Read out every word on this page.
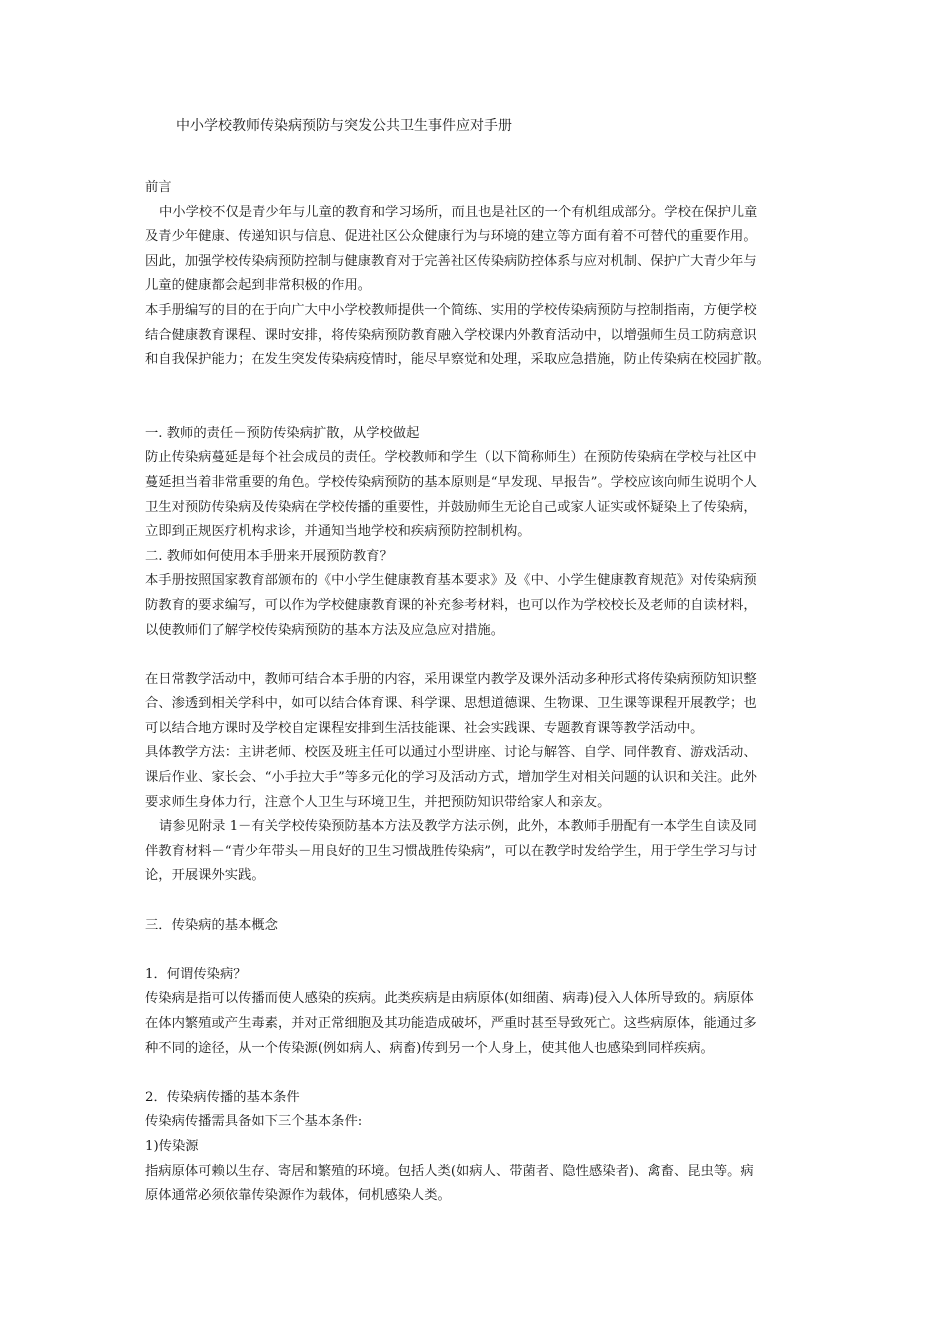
中小学校教师传染病预防与突发公共卫生事件应对手册
前言
中小学校不仅是青少年与儿童的教育和学习场所，而且也是社区的一个有机组成部分。学校在保护儿童
及青少年健康、传递知识与信息、促进社区公众健康行为与环境的建立等方面有着不可替代的重要作用。
因此，加强学校传染病预防控制与健康教育对于完善社区传染病防控体系与应对机制、保护广大青少年与
儿童的健康都会起到非常积极的作用。
本手册编写的目的在于向广大中小学校教师提供一个简练、实用的学校传染病预防与控制指南，方便学校
结合健康教育课程、课时安排，将传染病预防教育融入学校课内外教育活动中，以增强师生员工防病意识
和自我保护能力；在发生突发传染病疫情时，能尽早察觉和处理，采取应急措施，防止传染病在校园扩散。
一. 教师的责任－预防传染病扩散，从学校做起
防止传染病蔓延是每个社会成员的责任。学校教师和学生（以下简称师生）在预防传染病在学校与社区中
蔓延担当着非常重要的角色。学校传染病预防的基本原则是“早发现、早报告”。学校应该向师生说明个人
卫生对预防传染病及传染病在学校传播的重要性，并鼓励师生无论自己或家人证实或怀疑染上了传染病，
立即到正规医疗机构求诊，并通知当地学校和疾病预防控制机构。
二. 教师如何使用本手册来开展预防教育？
本手册按照国家教育部颁布的《中小学生健康教育基本要求》及《中、小学生健康教育规范》对传染病预
防教育的要求编写，可以作为学校健康教育课的补充参考材料，也可以作为学校校长及老师的自读材料，
以使教师们了解学校传染病预防的基本方法及应急应对措施。
在日常教学活动中，教师可结合本手册的内容，采用课堂内教学及课外活动多种形式将传染病预防知识整
合、渗透到相关学科中，如可以结合体育课、科学课、思想道德课、生物课、卫生课等课程开展教学；也
可以结合地方课时及学校自定课程安排到生活技能课、社会实践课、专题教育课等教学活动中。
具体教学方法：主讲老师、校医及班主任可以通过小型讲座、讨论与解答、自学、同伴教育、游戏活动、
课后作业、家长会、“小手拉大手”等多元化的学习及活动方式，增加学生对相关问题的认识和关注。此外
要求师生身体力行，注意个人卫生与环境卫生，并把预防知识带给家人和亲友。
请参见附录 1－有关学校传染预防基本方法及教学方法示例，此外，本教师手册配有一本学生自读及同
伴教育材料－“青少年带头－用良好的卫生习惯战胜传染病”，可以在教学时发给学生，用于学生学习与讨
论，开展课外实践。
三．传染病的基本概念
1．何谓传染病？
传染病是指可以传播而使人感染的疾病。此类疾病是由病原体(如细菌、病毒)侵入人体所导致的。病原体
在体内繁殖或产生毒素，并对正常细胞及其功能造成破坏，严重时甚至导致死亡。这些病原体，能通过多
种不同的途径，从一个传染源(例如病人、病畜)传到另一个人身上，使其他人也感染到同样疾病。
2．传染病传播的基本条件
传染病传播需具备如下三个基本条件:
1)传染源
指病原体可赖以生存、寄居和繁殖的环境。包括人类(如病人、带菌者、隐性感染者)、禽畜、昆虫等。病
原体通常必须依靠传染源作为载体，伺机感染人类。
